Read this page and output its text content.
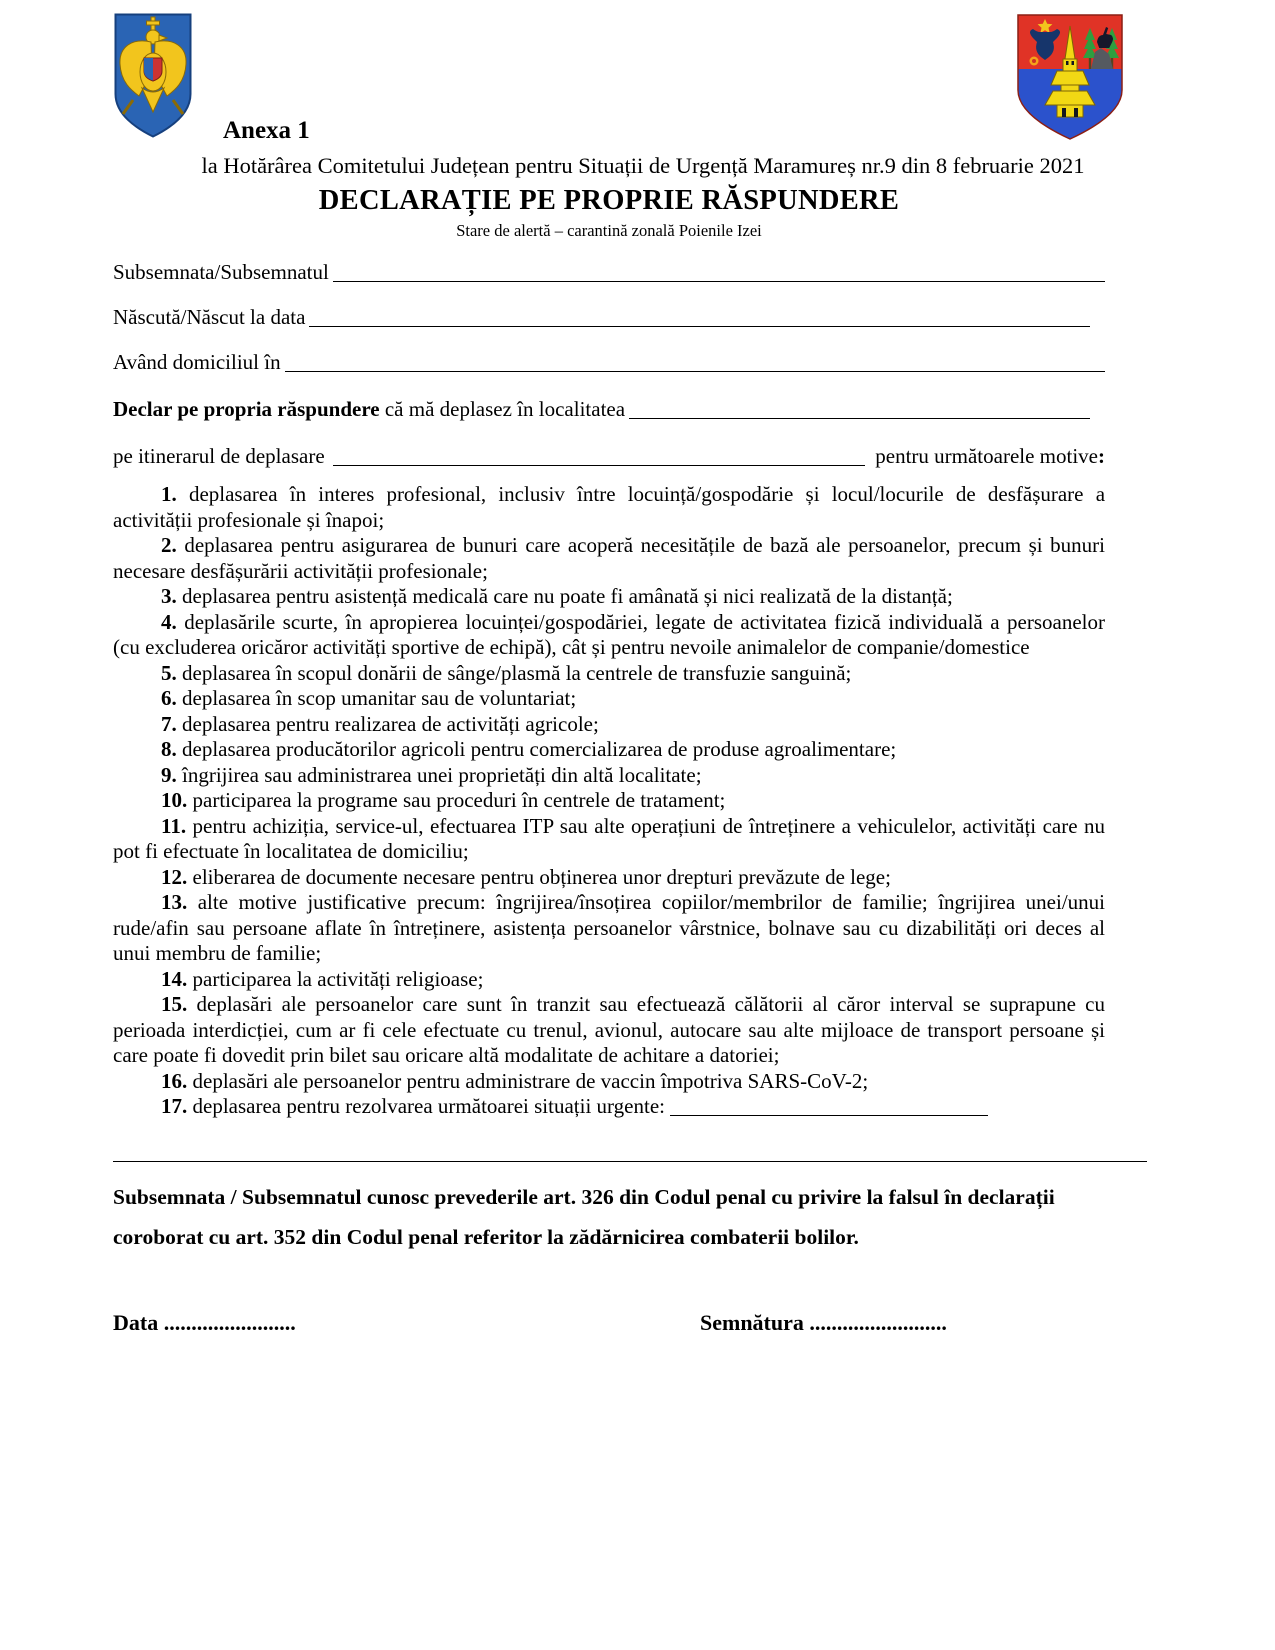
Anexa 1
la Hotărârea Comitetului Județean pentru Situații de Urgență Maramureș nr.9 din 8 februarie 2021
DECLARAȚIE PE PROPRIE RĂSPUNDERE
Stare de alertă – carantină zonală Poienile Izei
Subsemnata/Subsemnatul
Născută/Născut la data
Având domiciliul în
Declar pe propria răspundere că mă deplasez în localitatea
pe itinerarul de deplasare	pentru următoarele motive:

1. deplasarea în interes profesional, inclusiv între locuință/gospodărie și locul/locurile de desfășurare a activității profesionale și înapoi;

2. deplasarea pentru asigurarea de bunuri care acoperă necesitățile de bază ale persoanelor, precum și bunuri necesare desfășurării activității profesionale;

3. deplasarea pentru asistență medicală care nu poate fi amânată și nici realizată de la distanță;

4. deplasările scurte, în apropierea locuinței/gospodăriei, legate de activitatea fizică individuală a persoanelor (cu excluderea oricăror activități sportive de echipă), cât și pentru nevoile animalelor de companie/domestice

5. deplasarea în scopul donării de sânge/plasmă la centrele de transfuzie sanguină;

6. deplasarea în scop umanitar sau de voluntariat;

7. deplasarea pentru realizarea de activități agricole;

8. deplasarea producătorilor agricoli pentru comercializarea de produse agroalimentare;

9. îngrijirea sau administrarea unei proprietăți din altă localitate;

10. participarea la programe sau proceduri în centrele de tratament;

11. pentru achiziția, service-ul, efectuarea ITP sau alte operațiuni de întreținere a vehiculelor, activități care nu pot fi efectuate în localitatea de domiciliu;

12. eliberarea de documente necesare pentru obținerea unor drepturi prevăzute de lege;

13. alte motive justificative precum: îngrijirea/însoțirea copiilor/membrilor de familie; îngrijirea unei/unui rude/afin sau persoane aflate în întreținere, asistența persoanelor vârstnice, bolnave sau cu dizabilități ori deces al unui membru de familie;

14. participarea la activități religioase;

15. deplasări ale persoanelor care sunt în tranzit sau efectuează călătorii al căror interval se suprapune cu perioada interdicției, cum ar fi cele efectuate cu trenul, avionul, autocare sau alte mijloace de transport persoane și care poate fi dovedit prin bilet sau oricare altă modalitate de achitare a datoriei;

16. deplasări ale persoanelor pentru administrare de vaccin împotriva SARS-CoV-2;

17. deplasarea pentru rezolvarea următoarei situații urgente:

Subsemnata / Subsemnatul cunosc prevederile art. 326 din Codul penal cu privire la falsul în declarații coroborat cu art. 352 din Codul penal referitor la zădărnicirea combaterii bolilor.

Data ........................	Semnătura .........................
